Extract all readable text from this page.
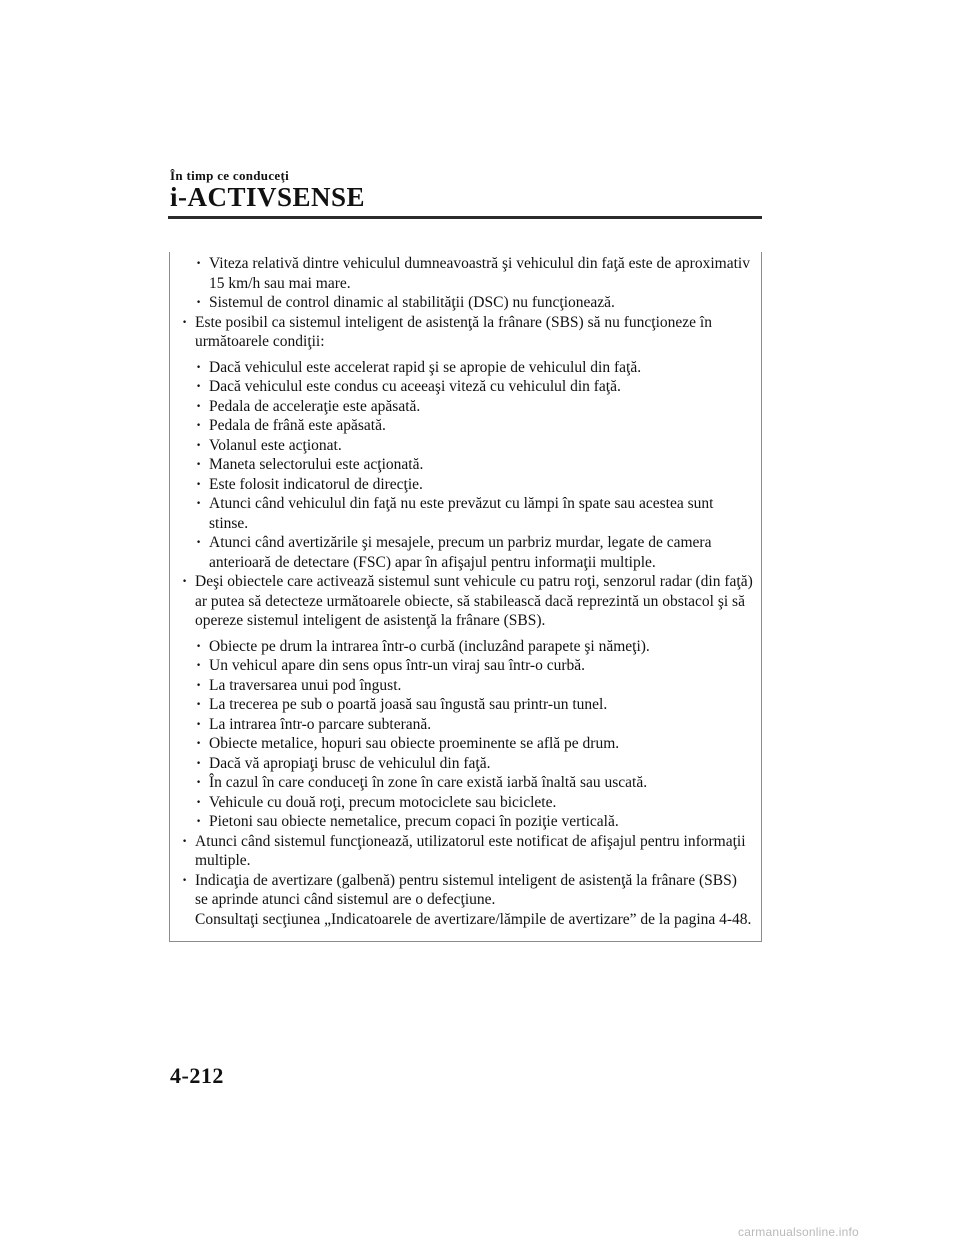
În timp ce conduceţi
i-ACTIVSENSE
· Viteza relativă dintre vehiculul dumneavoastră şi vehiculul din faţă este de aproximativ 15 km/h sau mai mare.
· Sistemul de control dinamic al stabilităţii (DSC) nu funcţionează.
· Este posibil ca sistemul inteligent de asistenţă la frânare (SBS) să nu funcţioneze în următoarele condiţii:
· Dacă vehiculul este accelerat rapid şi se apropie de vehiculul din faţă.
· Dacă vehiculul este condus cu aceeaşi viteză cu vehiculul din faţă.
· Pedala de acceleraţie este apăsată.
· Pedala de frână este apăsată.
· Volanul este acţionat.
· Maneta selectorului este acţionată.
· Este folosit indicatorul de direcţie.
· Atunci când vehiculul din faţă nu este prevăzut cu lămpi în spate sau acestea sunt stinse.
· Atunci când avertizările şi mesajele, precum un parbriz murdar, legate de camera anterioară de detectare (FSC) apar în afişajul pentru informaţii multiple.
· Deşi obiectele care activează sistemul sunt vehicule cu patru roţi, senzorul radar (din faţă) ar putea să detecteze următoarele obiecte, să stabilească dacă reprezintă un obstacol şi să opereze sistemul inteligent de asistenţă la frânare (SBS).
· Obiecte pe drum la intrarea într-o curbă (incluzând parapete şi nămeţi).
· Un vehicul apare din sens opus într-un viraj sau într-o curbă.
· La traversarea unui pod îngust.
· La trecerea pe sub o poartă joasă sau îngustă sau printr-un tunel.
· La intrarea într-o parcare subterană.
· Obiecte metalice, hopuri sau obiecte proeminente se află pe drum.
· Dacă vă apropiaţi brusc de vehiculul din faţă.
· În cazul în care conduceţi în zone în care există iarbă înaltă sau uscată.
· Vehicule cu două roţi, precum motociclete sau biciclete.
· Pietoni sau obiecte nemetalice, precum copaci în poziţie verticală.
· Atunci când sistemul funcţionează, utilizatorul este notificat de afişajul pentru informaţii multiple.
· Indicaţia de avertizare (galbenă) pentru sistemul inteligent de asistenţă la frânare (SBS) se aprinde atunci când sistemul are o defecţiune.
Consultaţi secţiunea „Indicatoarele de avertizare/lămpile de avertizare” de la pagina 4-48.
4-212
carmanualsonline.info
